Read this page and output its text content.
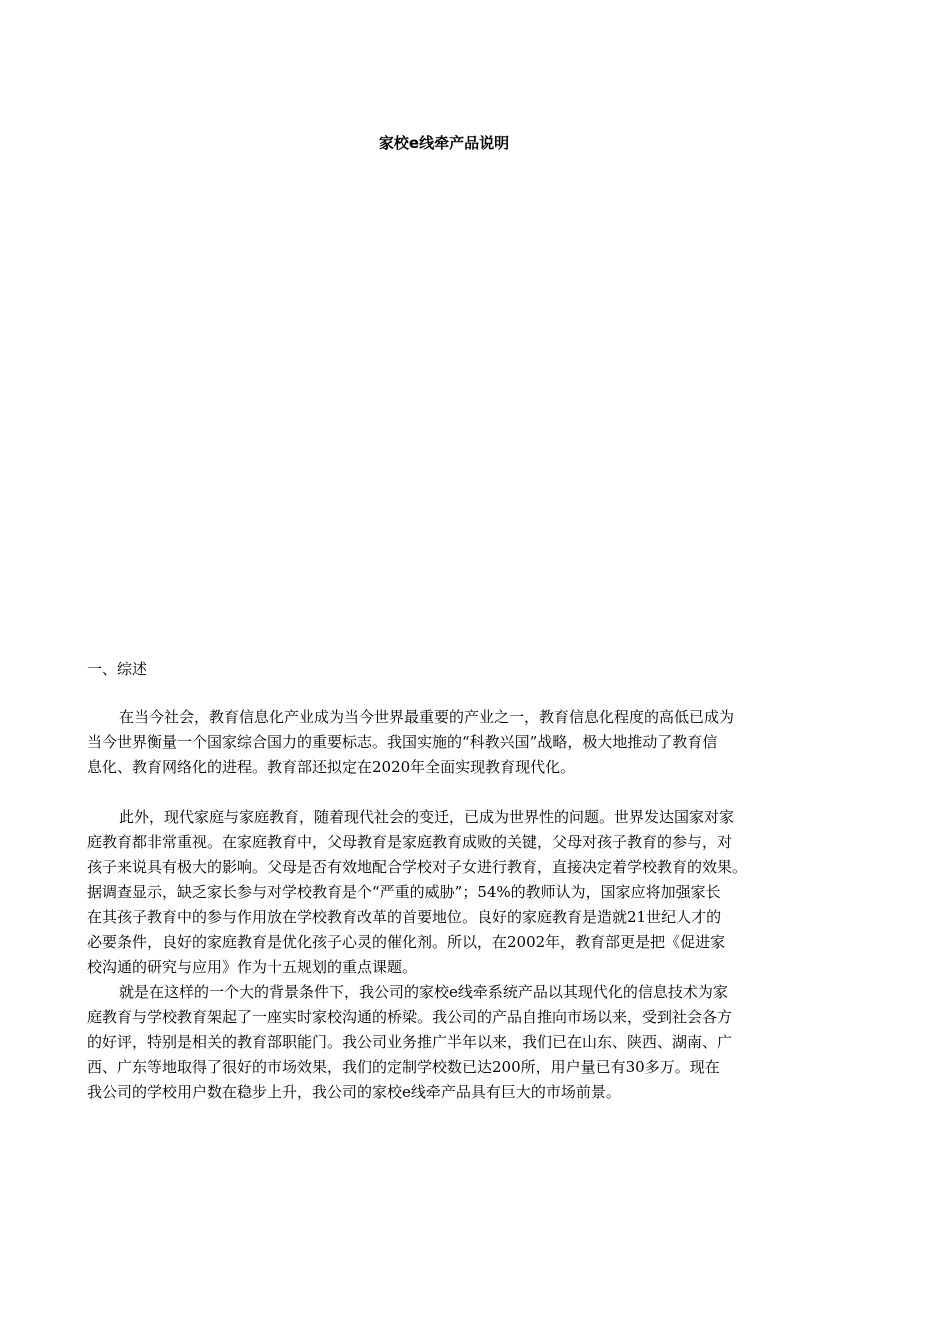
家校e线牵产品说明
一、综述
在当今社会，教育信息化产业成为当今世界最重要的产业之一，教育信息化程度的高低已成为
当今世界衡量一个国家综合国力的重要标志。我国实施的“科教兴国”战略，极大地推动了教育信
息化、教育网络化的进程。教育部还拟定在2020年全面实现教育现代化。
此外，现代家庭与家庭教育，随着现代社会的变迁，已成为世界性的问题。世界发达国家对家
庭教育都非常重视。在家庭教育中，父母教育是家庭教育成败的关键，父母对孩子教育的参与，对
孩子来说具有极大的影响。父母是否有效地配合学校对子女进行教育，直接决定着学校教育的效果。
据调查显示，缺乏家长参与对学校教育是个“严重的威胁”；54%的教师认为，国家应将加强家长
在其孩子教育中的参与作用放在学校教育改革的首要地位。良好的家庭教育是造就21世纪人才的
必要条件，良好的家庭教育是优化孩子心灵的催化剂。所以，在2002年，教育部更是把《促进家
校沟通的研究与应用》作为十五规划的重点课题。
就是在这样的一个大的背景条件下，我公司的家校e线牵系统产品以其现代化的信息技术为家
庭教育与学校教育架起了一座实时家校沟通的桥梁。我公司的产品自推向市场以来，受到社会各方
的好评，特别是相关的教育部职能门。我公司业务推广半年以来，我们已在山东、陕西、湖南、广
西、广东等地取得了很好的市场效果，我们的定制学校数已达200所，用户量已有30多万。现在
我公司的学校用户数在稳步上升，我公司的家校e线牵产品具有巨大的市场前景。
